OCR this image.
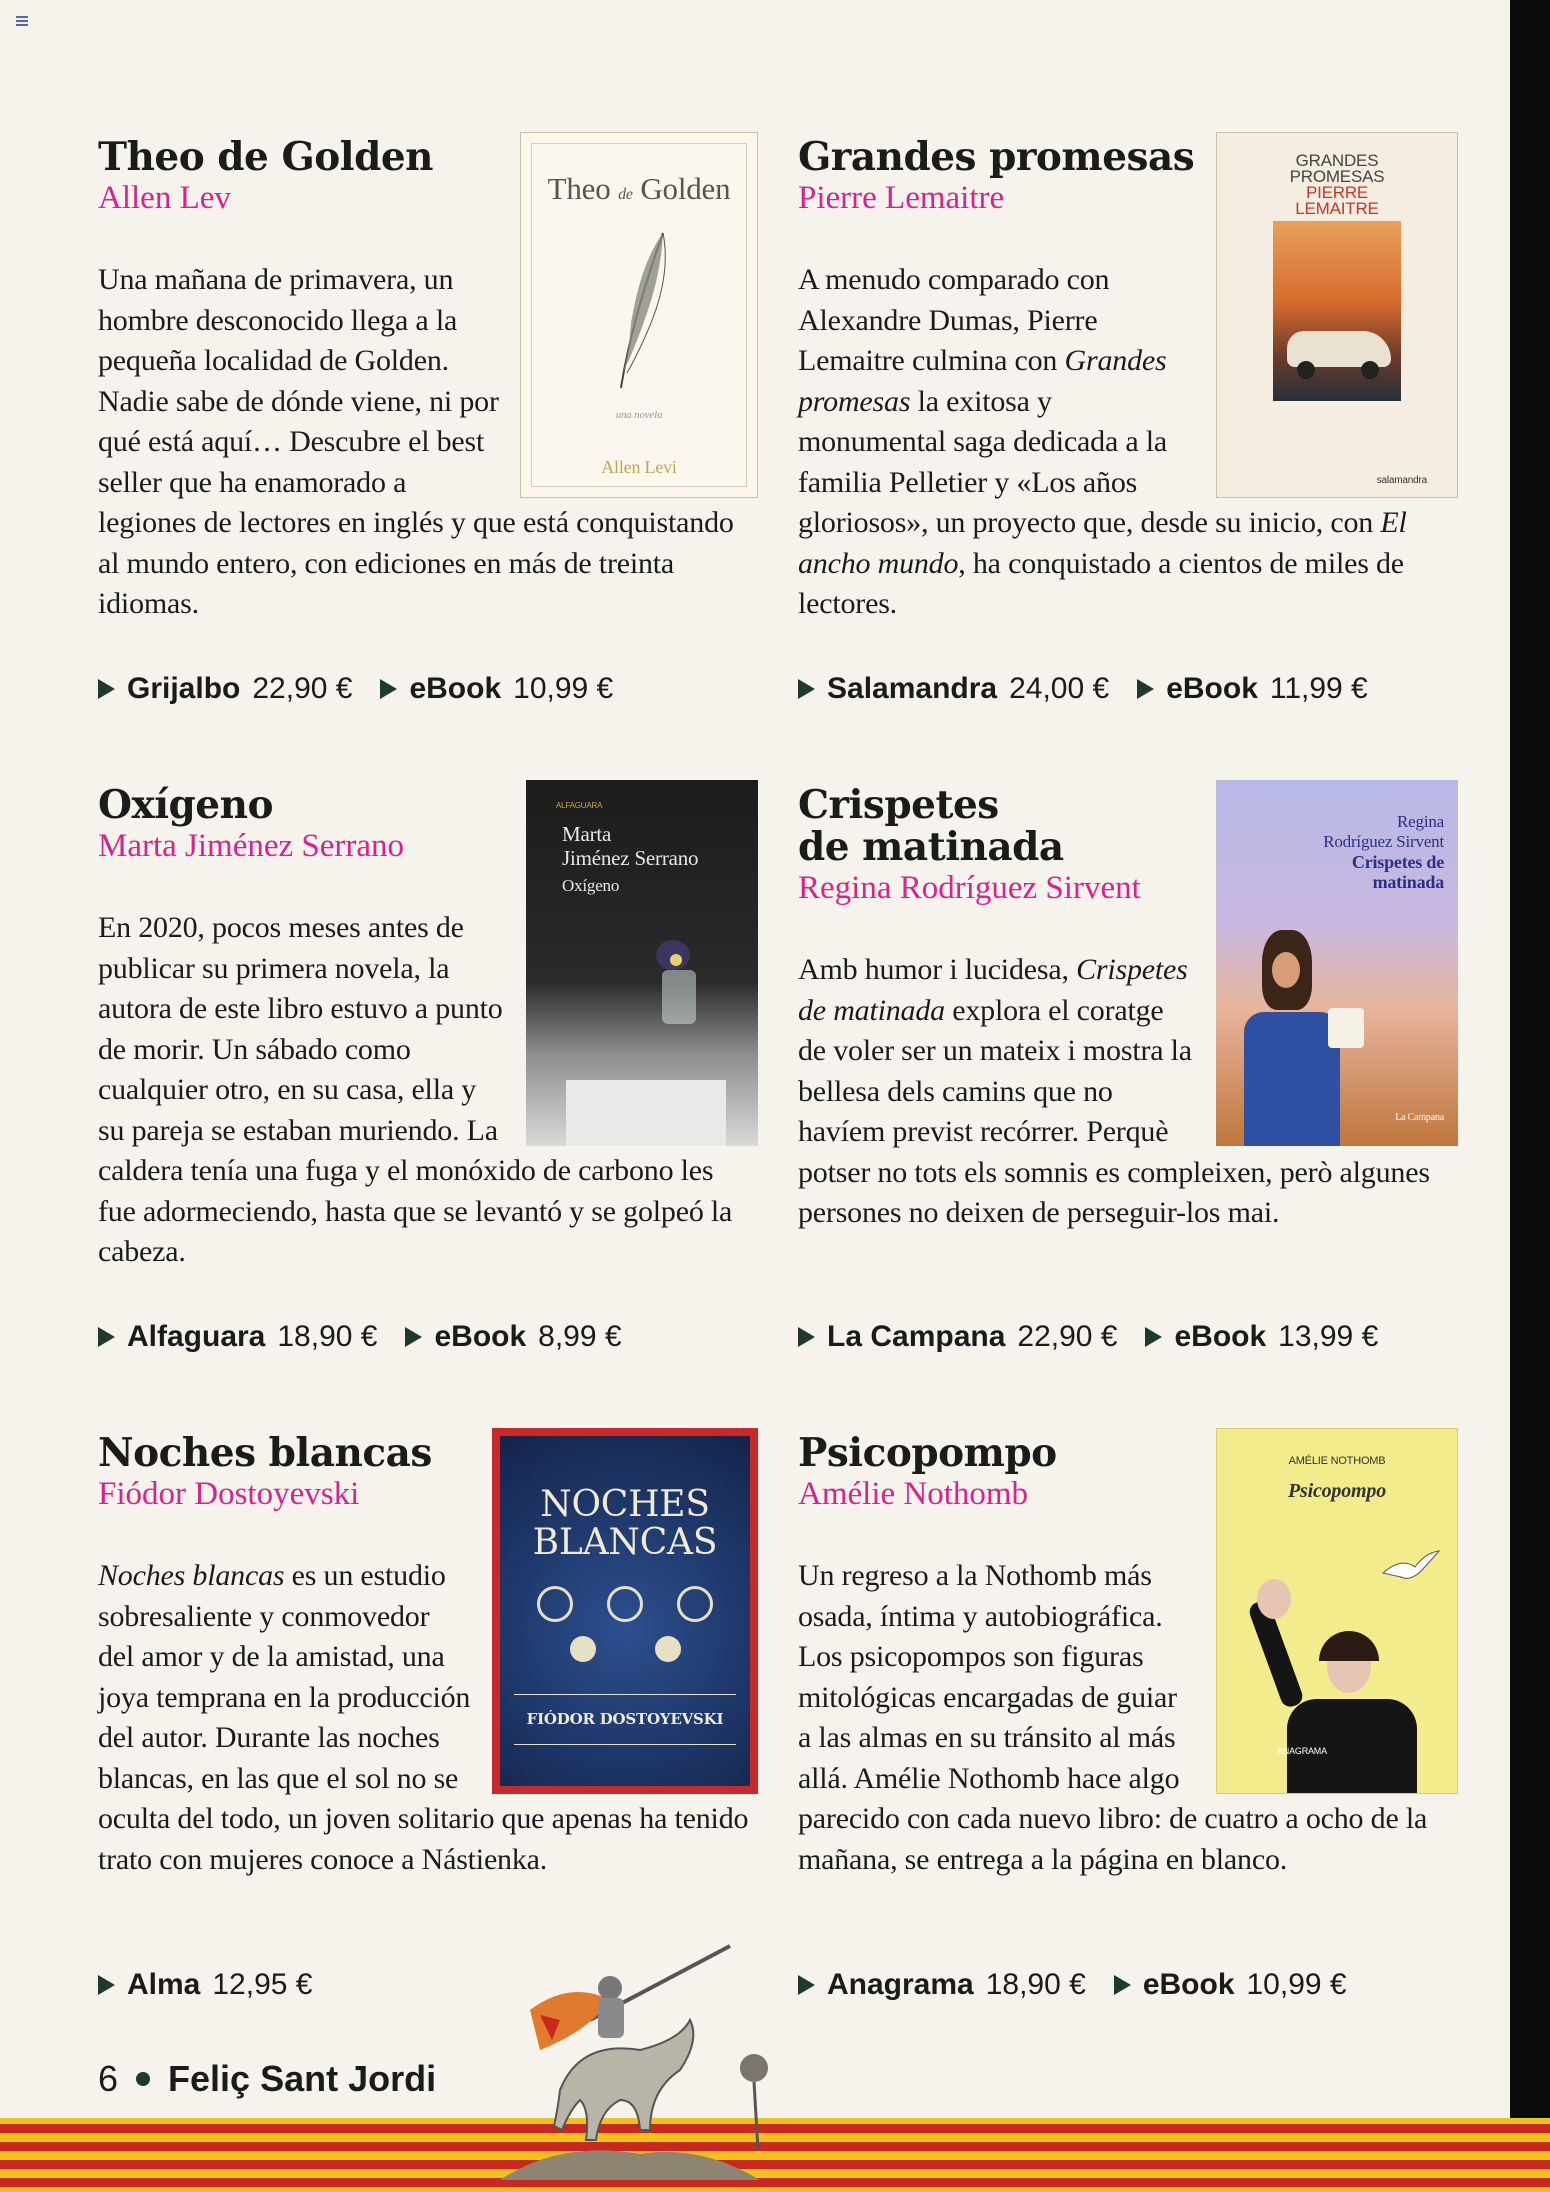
Theo de Golden
Allen Lev	Theo de Golden
una novela
Allen Levi
Una mañana de primavera, un hombre desconocido llega a la pequeña localidad de Golden. Nadie sabe de dónde viene, ni por qué está aquí… Descubre el best seller que ha enamorado a legiones de lectores en inglés y que está conquistando al mundo entero, con ediciones en más de treinta idiomas.
Grijalbo 22,90 € eBook 10,99 €
Grandes promesas
Pierre Lemaitre
GRANDES
PROMESAS
PIERRE
LEMAITRE
salamandra
A menudo comparado con Alexandre Dumas, Pierre Lemaitre culmina con Grandes promesas la exitosa y monumental saga dedicada a la familia Pelletier y «Los años gloriosos», un proyecto que, desde su inicio, con El ancho mundo, ha conquistado a cientos de miles de lectores.
Salamandra 24,00 € eBook 11,99 €
Oxígeno
Marta Jiménez Serrano
ALFAGUARA
Marta
Jiménez Serrano
Oxígeno
En 2020, pocos meses antes de publicar su primera novela, la autora de este libro estuvo a punto de morir. Un sábado como cualquier otro, en su casa, ella y su pareja se estaban muriendo. La caldera tenía una fuga y el monóxido de carbono les fue adormeciendo, hasta que se levantó y se golpeó la cabeza.
Alfaguara 18,90 € eBook 8,99 €
Crispetes
de matinada
Regina Rodríguez Sirvent
Regina
Rodríguez Sirvent
Crispetes de
matinada
La Campana
Amb humor i lucidesa, Crispetes de matinada explora el coratge de voler ser un mateix i mostra la bellesa dels camins que no havíem previst recórrer. Perquè potser no tots els somnis es compleixen, però algunes persones no deixen de perseguir-los mai.
La Campana 22,90 € eBook 13,99 €
Noches blancas
Fiódor Dostoyevski	NOCHES
BLANCAS
FIÓDOR DOSTOYEVSKI
Noches blancas es un estudio sobresaliente y conmovedor del amor y de la amistad, una joya temprana en la producción del autor. Durante las noches blancas, en las que el sol no se oculta del todo, un joven solitario que apenas ha tenido trato con mujeres conoce a Nástienka.
Alma 12,95 €
Psicopompo
Amélie Nothomb
AMÉLIE NOTHOMB
Psicopompo
ANAGRAMA
Un regreso a la Nothomb más osada, íntima y autobiográfica. Los psicopompos son figuras mitológicas encargadas de guiar a las almas en su tránsito al más allá. Amélie Nothomb hace algo parecido con cada nuevo libro: de cuatro a ocho de la mañana, se entrega a la página en blanco.
Anagrama 18,90 € eBook 10,99 €
6 Feliç Sant Jordi
